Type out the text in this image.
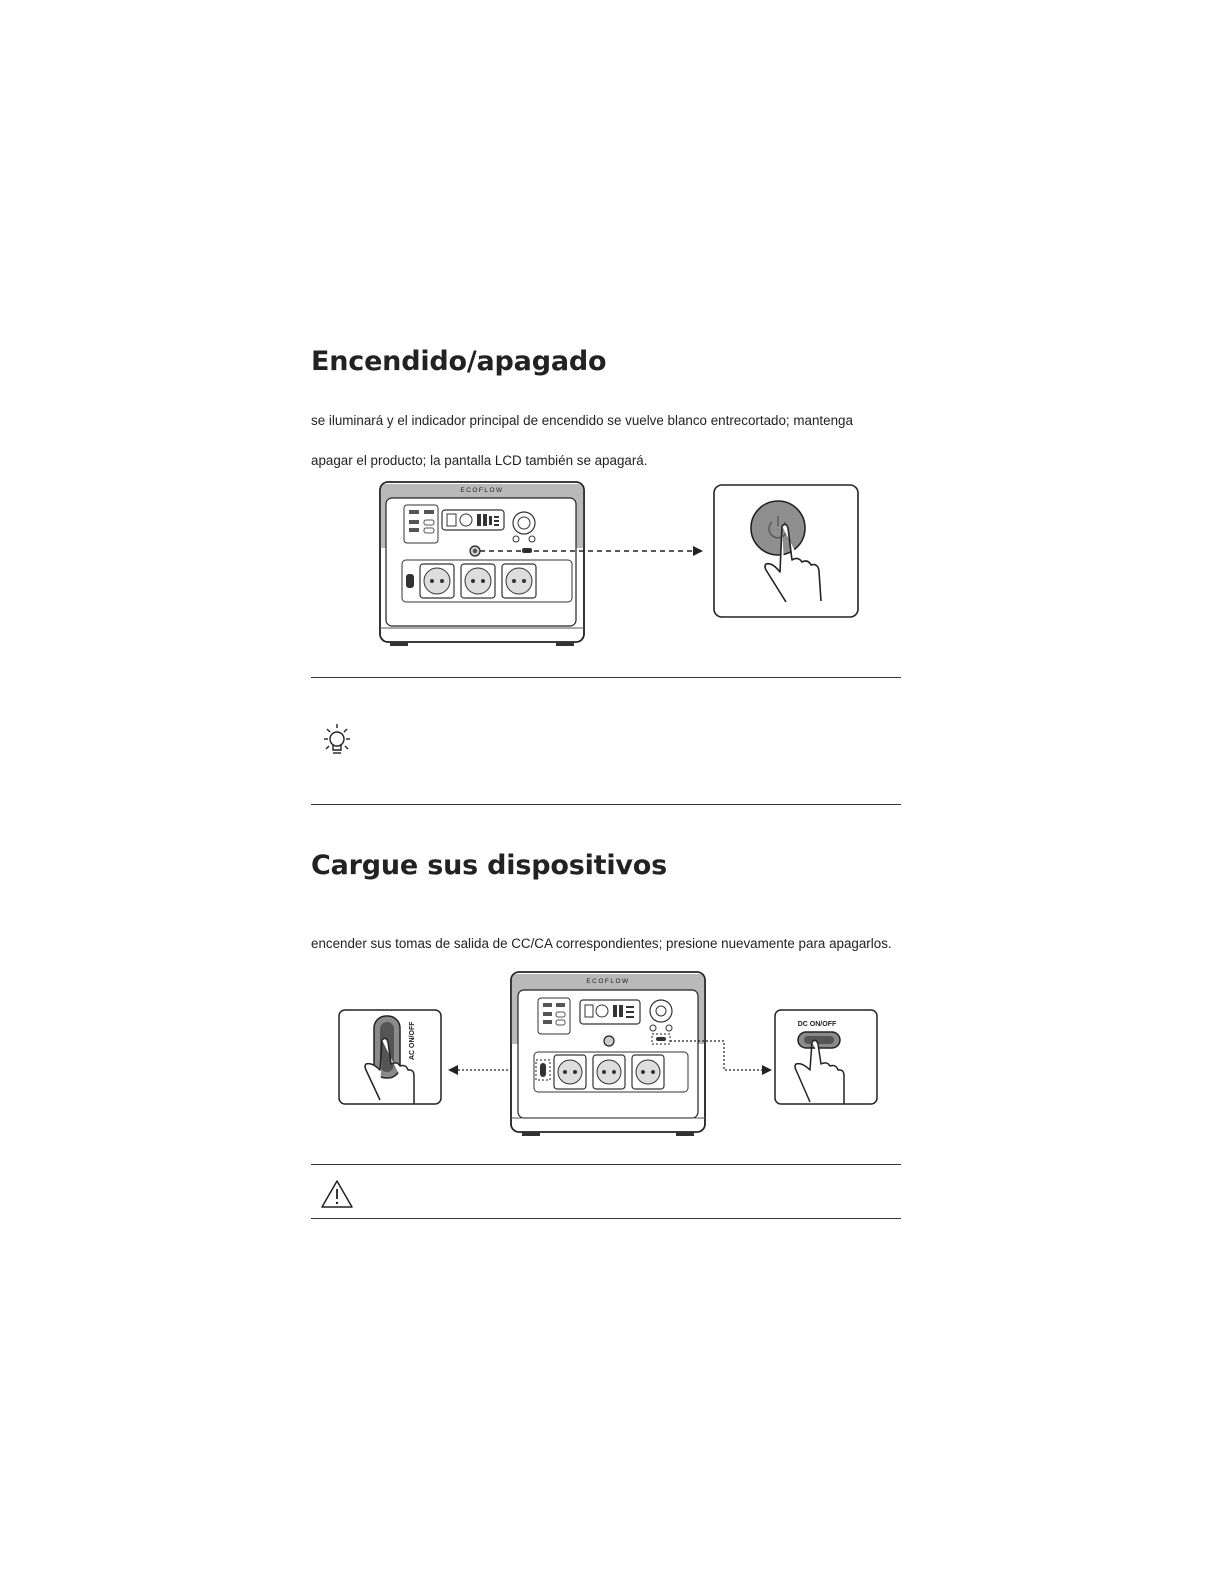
Encendido/apagado

se iluminará y el indicador principal de encendido se vuelve blanco entrecortado; mantenga

apagar el producto; la pantalla LCD también se apagará.

ECOFLOW
Cargue sus dispositivos

encender sus tomas de salida de CC/CA correspondientes; presione nuevamente para apagarlos.

AC ON/OFF
ECOFLOW
DC ON/OFF
